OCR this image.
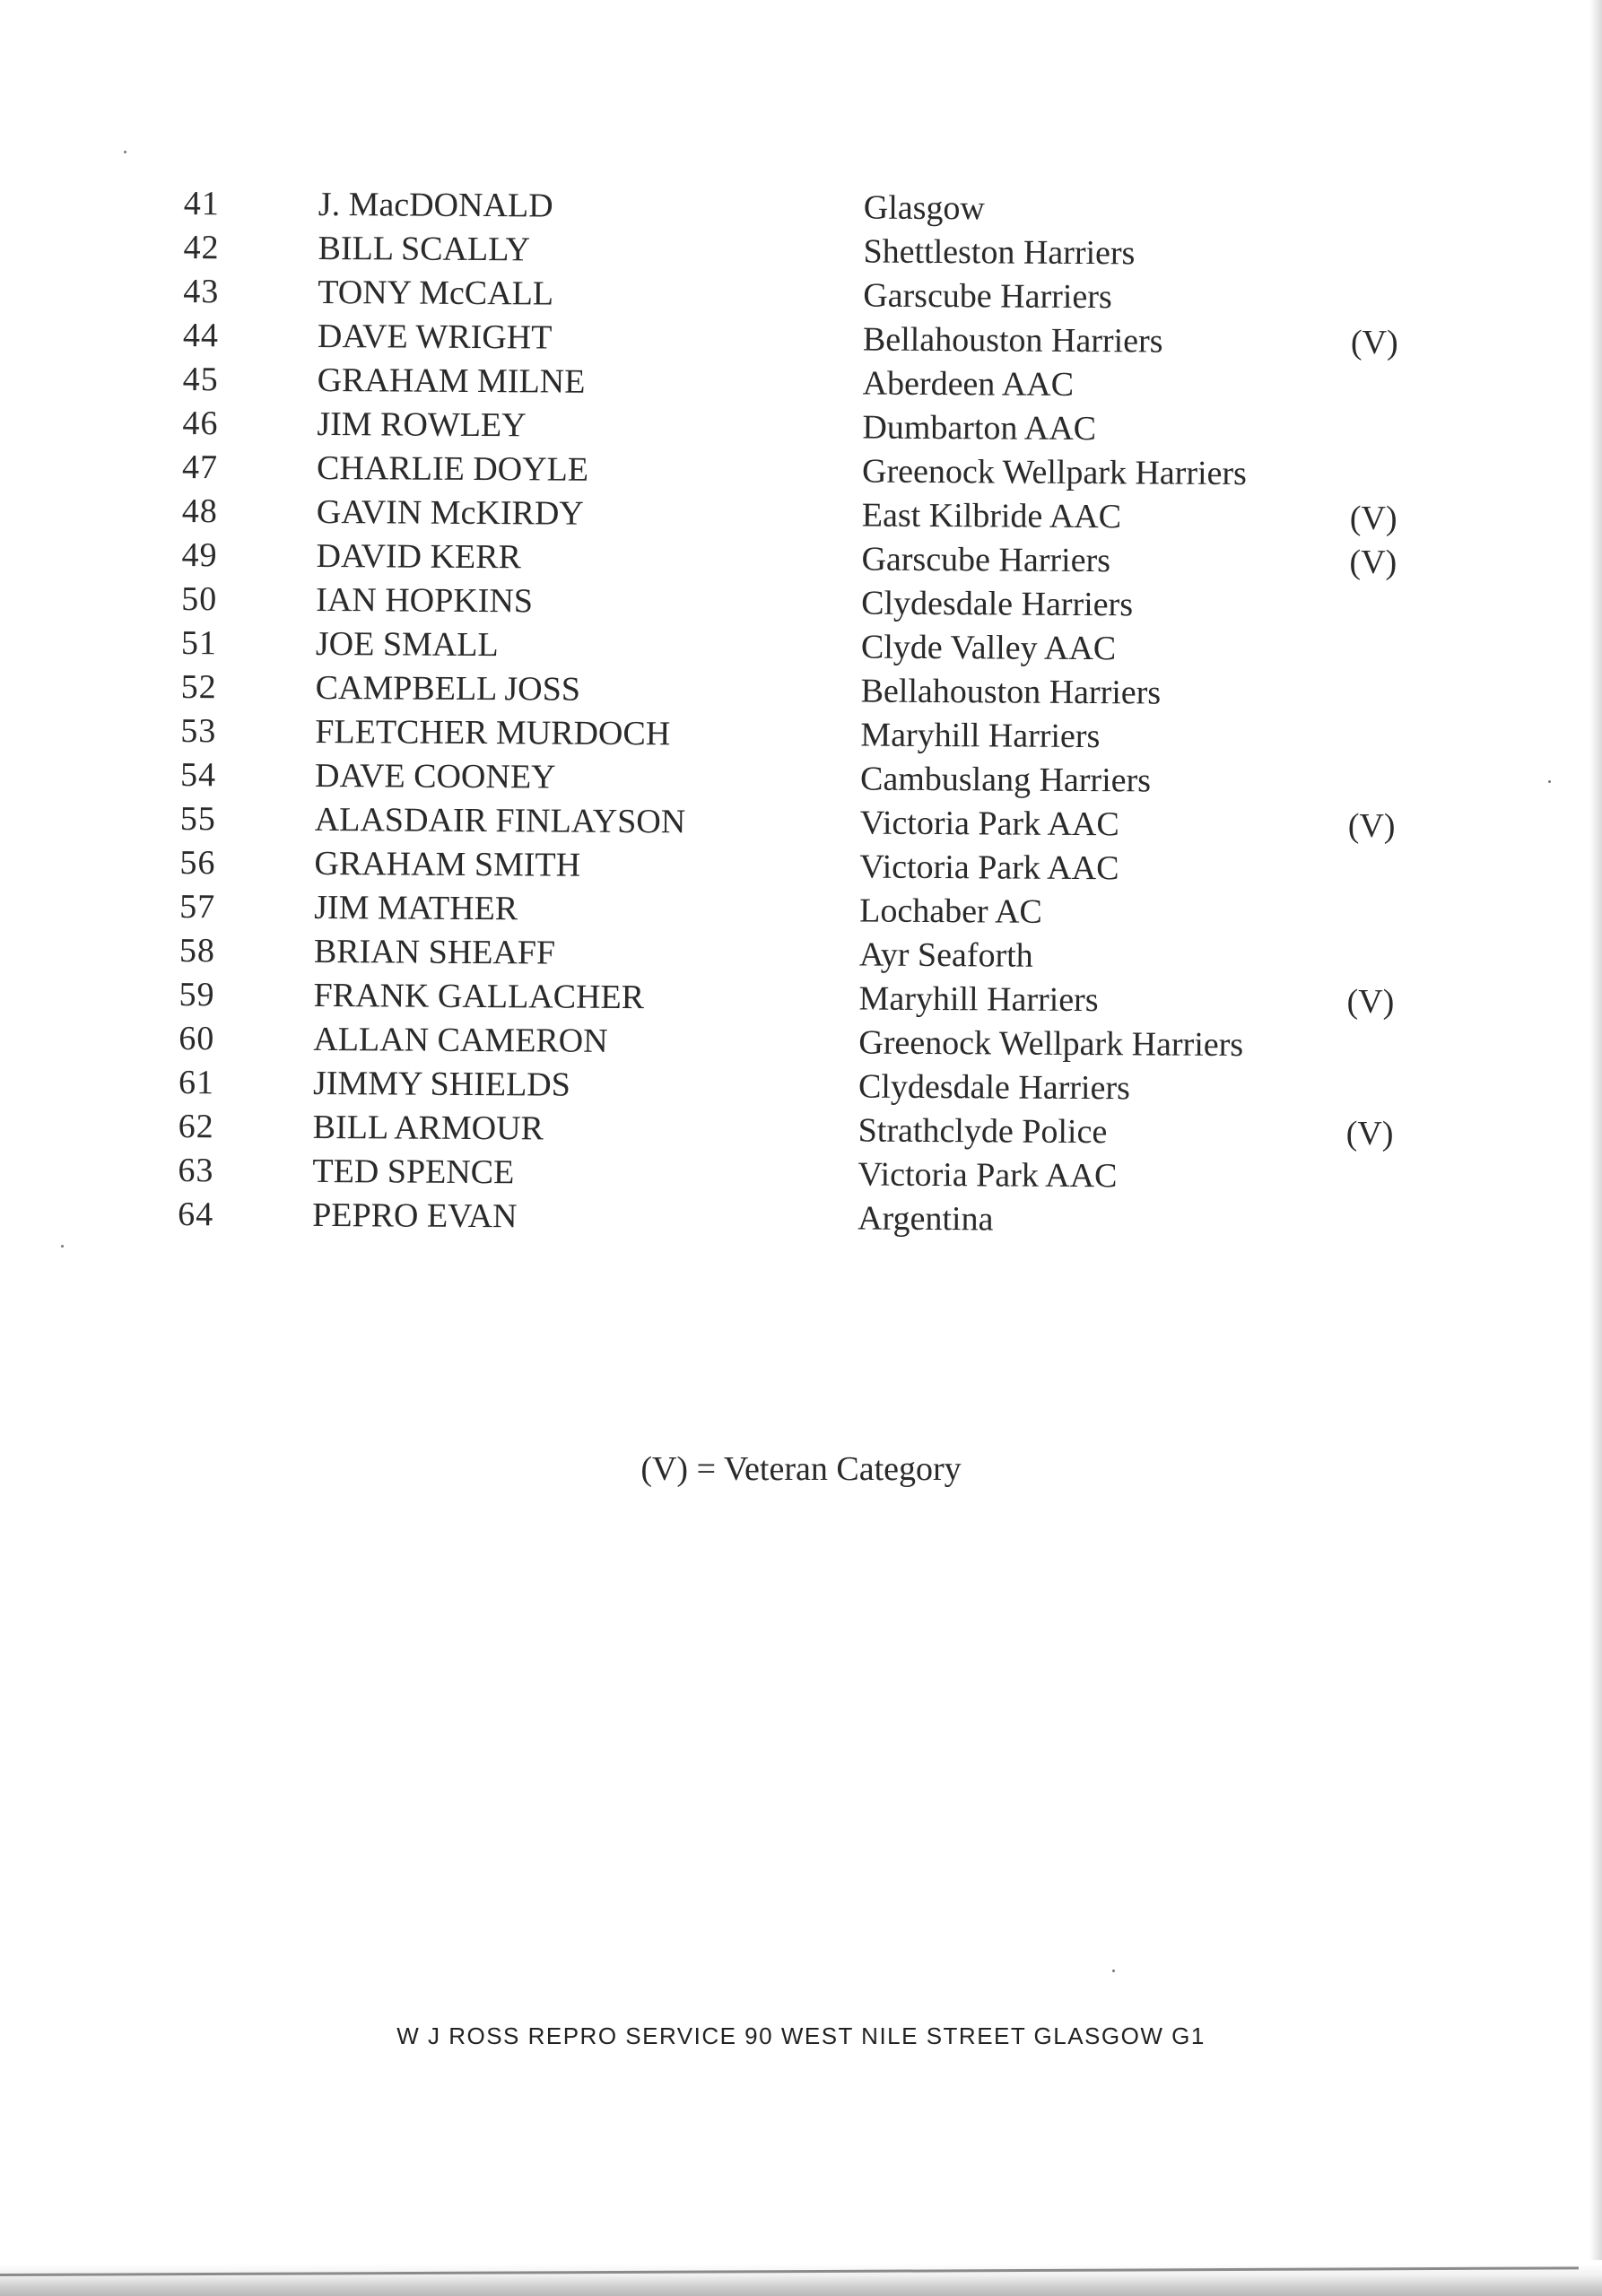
41	J. MacDONALD	Glasgow
42	BILL SCALLY	Shettleston Harriers
43	TONY McCALL	Garscube Harriers
44	DAVE WRIGHT	Bellahouston Harriers	(V)
45	GRAHAM MILNE	Aberdeen AAC
46	JIM ROWLEY	Dumbarton AAC
47	CHARLIE DOYLE	Greenock Wellpark Harriers
48	GAVIN McKIRDY	East Kilbride AAC	(V)
49	DAVID KERR	Garscube Harriers	(V)
50	IAN HOPKINS	Clydesdale Harriers
51	JOE SMALL	Clyde Valley AAC
52	CAMPBELL JOSS	Bellahouston Harriers
53	FLETCHER MURDOCH	Maryhill Harriers
54	DAVE COONEY	Cambuslang Harriers
55	ALASDAIR FINLAYSON	Victoria Park AAC	(V)
56	GRAHAM SMITH	Victoria Park AAC
57	JIM MATHER	Lochaber AC
58	BRIAN SHEAFF	Ayr Seaforth
59	FRANK GALLACHER	Maryhill Harriers	(V)
60	ALLAN CAMERON	Greenock Wellpark Harriers
61	JIMMY SHIELDS	Clydesdale Harriers
62	BILL ARMOUR	Strathclyde Police	(V)
63	TED SPENCE	Victoria Park AAC
64	PEPRO EVAN	Argentina
(V) = Veteran Category
W J ROSS REPRO SERVICE 90 WEST NILE STREET GLASGOW G1
